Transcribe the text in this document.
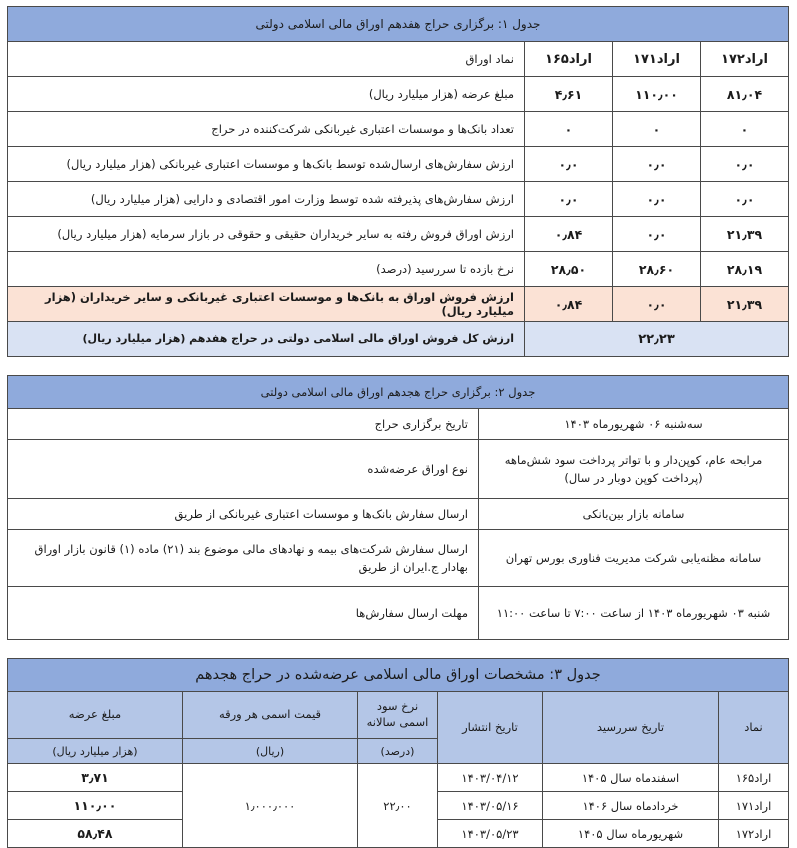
جدول ۱: برگزاری حراج هفدهم اوراق مالی اسلامی دولتی			
اراد۱۷۲	اراد۱۷۱	اراد۱۶۵	نماد اوراق
۸۱٫۰۴	۱۱۰٫۰۰	۴٫۶۱	مبلغ عرضه (هزار میلیارد ریال)
۰	۰	۰	تعداد بانک‌ها و موسسات اعتباری غیربانکی شرکت‌کننده در حراج
۰٫۰	۰٫۰	۰٫۰	ارزش سفارش‌های ارسال‌شده توسط بانک‌ها و موسسات اعتباری غیربانکی (هزار میلیارد ریال)
۰٫۰	۰٫۰	۰٫۰	ارزش سفارش‌های پذیرفته شده توسط وزارت امور اقتصادی و دارایی (هزار میلیارد ریال)
۲۱٫۳۹	۰٫۰	۰٫۸۴	ارزش اوراق فروش رفته به سایر خریداران حقیقی و حقوقی در بازار سرمایه (هزار میلیارد ریال)
۲۸٫۱۹	۲۸٫۶۰	۲۸٫۵۰	نرخ بازده تا سررسید (درصد)
۲۱٫۳۹	۰٫۰	۰٫۸۴	ارزش فروش اوراق به بانک‌ها و موسسات اعتباری غیربانکی و سایر خریداران (هزار میلیارد ریال)
۲۲٫۲۳			ارزش کل فروش اوراق مالی اسلامی دولتی در حراج هفدهم (هزار میلیارد ریال)
جدول ۲: برگزاری حراج هجدهم اوراق مالی اسلامی دولتی	
سه‌شنبه ۰۶ شهریورماه ۱۴۰۳	تاریخ برگزاری حراج
مرابحه عام، کوپن‌دار و با تواتر پرداخت سود شش‌ماهه (پرداخت کوپن دوبار در سال)	نوع اوراق عرضه‌شده
سامانه بازار بین‌بانکی	ارسال سفارش بانک‌ها و موسسات اعتباری غیربانکی از طریق
سامانه مظنه‌یابی شرکت مدیریت فناوری بورس تهران	ارسال سفارش شرکت‌های بیمه و نهادهای مالی موضوع بند (۲۱) ماده (۱) قانون بازار اوراق بهادار ج.ایران از طریق
شنبه ۰۳ شهریورماه ۱۴۰۳ از ساعت ۷:۰۰ تا ساعت ۱۱:۰۰	مهلت ارسال سفارش‌ها
جدول ۳: مشخصات اوراق مالی اسلامی عرضه‌شده در حراج هجدهم					
نماد	تاریخ سررسید	تاریخ انتشار	نرخ سود اسمی سالانه	قیمت اسمی هر ورقه	مبلغ عرضه
			(درصد)	(ریال)	(هزار میلیارد ریال)
اراد۱۶۵	اسفندماه سال ۱۴۰۵	۱۴۰۳/۰۴/۱۲	۲۲٫۰۰	۱٫۰۰۰٫۰۰۰	۳٫۷۱
اراد۱۷۱	خردادماه سال ۱۴۰۶	۱۴۰۳/۰۵/۱۶			۱۱۰٫۰۰
اراد۱۷۲	شهریورماه سال ۱۴۰۵	۱۴۰۳/۰۵/۲۳			۵۸٫۴۸
